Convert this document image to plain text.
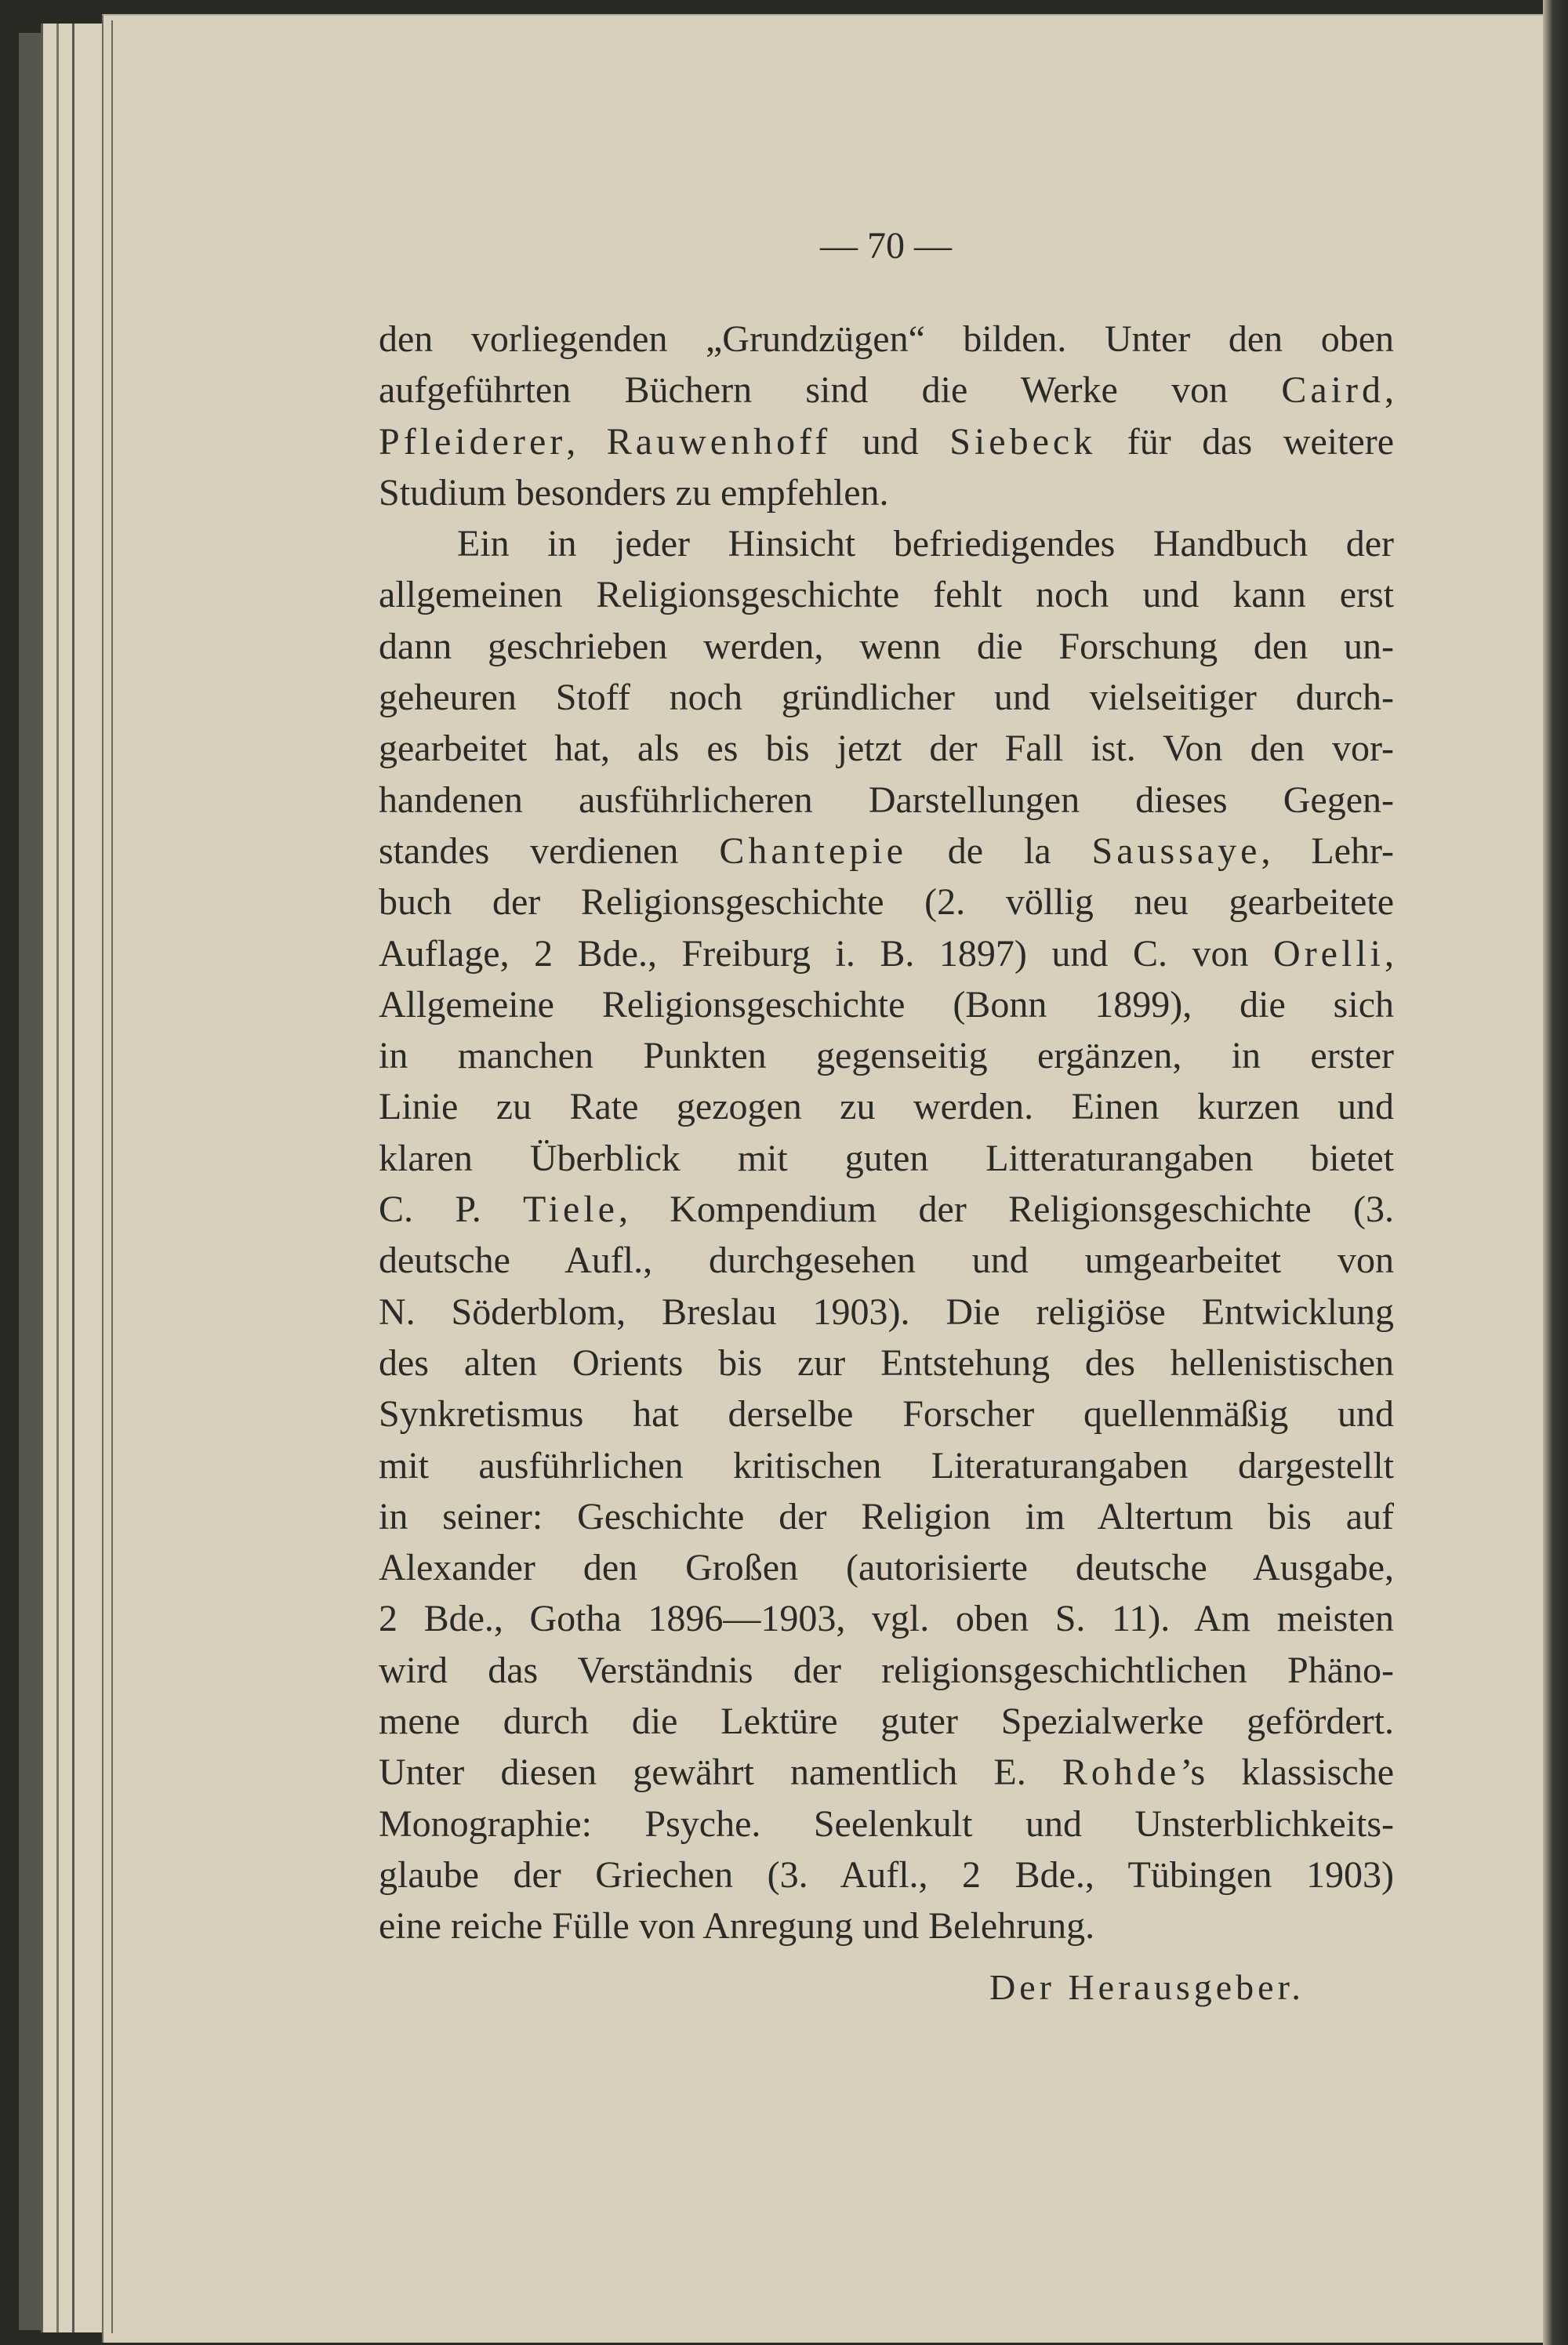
— 70 —
den vorliegenden „Grundzügen“ bilden. Unter den oben
aufgeführten Büchern sind die Werke von Caird,
Pfleiderer, Rauwenhoff und Siebeck für das weitere
Studium besonders zu empfehlen.
Ein in jeder Hinsicht befriedigendes Handbuch der
allgemeinen Religionsgeschichte fehlt noch und kann erst
dann geschrieben werden, wenn die Forschung den un-
geheuren Stoff noch gründlicher und vielseitiger durch-
gearbeitet hat, als es bis jetzt der Fall ist. Von den vor-
handenen ausführlicheren Darstellungen dieses Gegen-
standes verdienen Chantepie de la Saussaye, Lehr-
buch der Religionsgeschichte (2. völlig neu gearbeitete
Auflage, 2 Bde., Freiburg i. B. 1897) und C. von Orelli,
Allgemeine Religionsgeschichte (Bonn 1899), die sich
in manchen Punkten gegenseitig ergänzen, in erster
Linie zu Rate gezogen zu werden. Einen kurzen und
klaren Überblick mit guten Litteraturangaben bietet
C. P. Tiele, Kompendium der Religionsgeschichte (3.
deutsche Aufl., durchgesehen und umgearbeitet von
N. Söderblom, Breslau 1903). Die religiöse Entwicklung
des alten Orients bis zur Entstehung des hellenistischen
Synkretismus hat derselbe Forscher quellenmäßig und
mit ausführlichen kritischen Literaturangaben dargestellt
in seiner: Geschichte der Religion im Altertum bis auf
Alexander den Großen (autorisierte deutsche Ausgabe,
2 Bde., Gotha 1896—1903, vgl. oben S. 11). Am meisten
wird das Verständnis der religionsgeschichtlichen Phäno-
mene durch die Lektüre guter Spezialwerke gefördert.
Unter diesen gewährt namentlich E. Rohde’s klassische
Monographie: Psyche. Seelenkult und Unsterblichkeits-
glaube der Griechen (3. Aufl., 2 Bde., Tübingen 1903)
eine reiche Fülle von Anregung und Belehrung.
Der Herausgeber.
